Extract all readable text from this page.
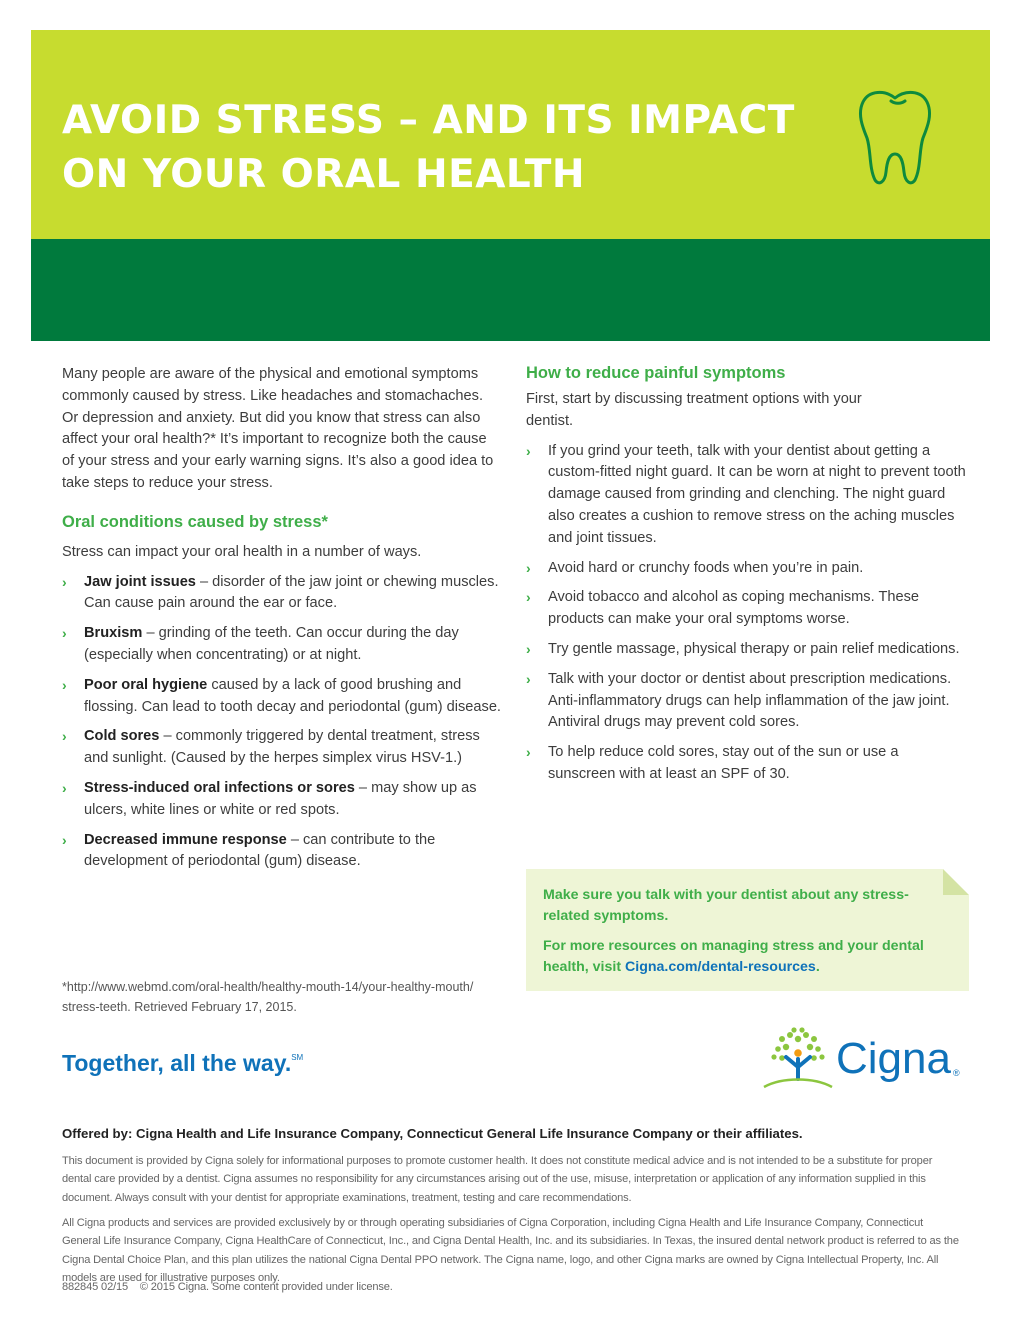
AVOID STRESS – AND ITS IMPACT
ON YOUR ORAL HEALTH

Many people are aware of the physical and emotional symptoms commonly caused by stress. Like headaches and stomachaches. Or depression and anxiety. But did you know that stress can also affect your oral health?* It’s important to recognize both the cause of your stress and your early warning signs. It’s also a good idea to take steps to reduce your stress.

Oral conditions caused by stress*

Stress can impact your oral health in a number of ways.

› Jaw joint issues – disorder of the jaw joint or chewing muscles. Can cause pain around the ear or face.
› Bruxism – grinding of the teeth. Can occur during the day (especially when concentrating) or at night.
› Poor oral hygiene caused by a lack of good brushing and flossing. Can lead to tooth decay and periodontal (gum) disease.
› Cold sores – commonly triggered by dental treatment, stress and sunlight. (Caused by the herpes simplex virus HSV-1.)
› Stress-induced oral infections or sores – may show up as ulcers, white lines or white or red spots.
› Decreased immune response – can contribute to the development of periodontal (gum) disease.

*http://www.webmd.com/oral-health/healthy-mouth-14/your-healthy-mouth/ stress-teeth. Retrieved February 17, 2015.

How to reduce painful symptoms

First, start by discussing treatment options with your dentist.

› If you grind your teeth, talk with your dentist about getting a custom-fitted night guard. It can be worn at night to prevent tooth damage caused from grinding and clenching. The night guard also creates a cushion to remove stress on the aching muscles and joint tissues.
› Avoid hard or crunchy foods when you’re in pain.
› Avoid tobacco and alcohol as coping mechanisms. These products can make your oral symptoms worse.
› Try gentle massage, physical therapy or pain relief medications.
› Talk with your doctor or dentist about prescription medications. Anti-inflammatory drugs can help inflammation of the jaw joint. Antiviral drugs may prevent cold sores.
› To help reduce cold sores, stay out of the sun or use a sunscreen with at least an SPF of 30.

Make sure you talk with your dentist about any stress-related symptoms.

For more resources on managing stress and your dental health, visit Cigna.com/dental-resources.

Together, all the way.℠	Cigna ®

Offered by: Cigna Health and Life Insurance Company, Connecticut General Life Insurance Company or their affiliates.

This document is provided by Cigna solely for informational purposes to promote customer health. It does not constitute medical advice and is not intended to be a substitute for proper dental care provided by a dentist. Cigna assumes no responsibility for any circumstances arising out of the use, misuse, interpretation or application of any information supplied in this document. Always consult with your dentist for appropriate examinations, treatment, testing and care recommendations.

All Cigna products and services are provided exclusively by or through operating subsidiaries of Cigna Corporation, including Cigna Health and Life Insurance Company, Connecticut General Life Insurance Company, Cigna HealthCare of Connecticut, Inc., and Cigna Dental Health, Inc. and its subsidiaries. In Texas, the insured dental network product is referred to as the Cigna Dental Choice Plan, and this plan utilizes the national Cigna Dental PPO network. The Cigna name, logo, and other Cigna marks are owned by Cigna Intellectual Property, Inc. All models are used for illustrative purposes only.

882845 02/15 © 2015 Cigna. Some content provided under license.
